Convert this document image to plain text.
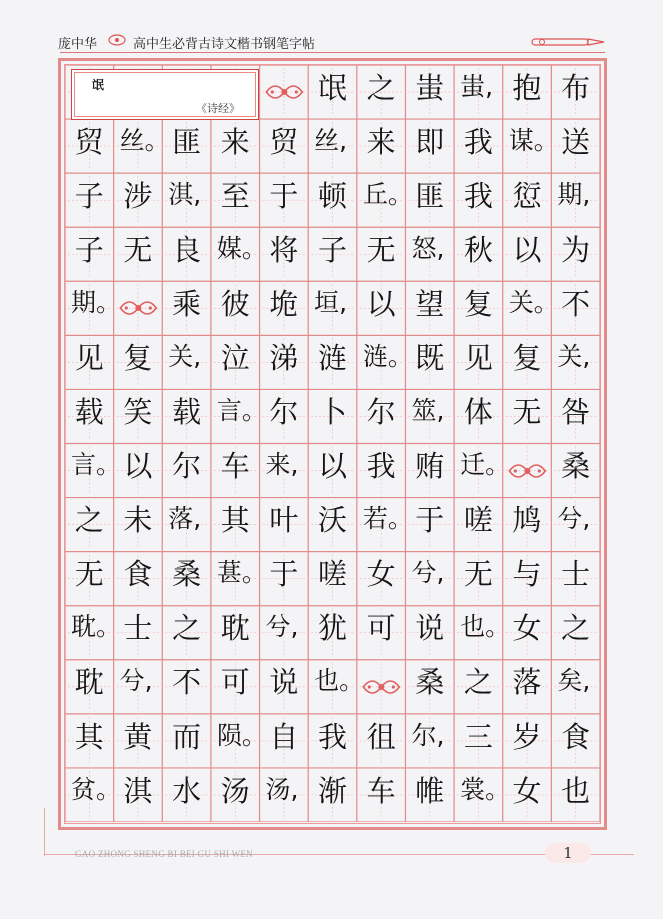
庞中华	高中生必背古诗文楷书钢笔字帖
氓 之 蚩 蚩, 抱 布
贸 丝。 匪 来 贸 丝, 来 即 我 谋。 送
子 涉 淇, 至 于 顿 丘。 匪 我 愆 期,
子 无 良 媒。 将 子 无 怒, 秋 以 为
期。	乘 彼 垝 垣, 以 望 复 关。 不
见 复 关, 泣 涕 涟 涟。 既 见 复 关,
载 笑 载 言。 尔 卜 尔 筮, 体 无 咎
言。 以 尔 车 来, 以 我 贿 迁。	桑
之 未 落, 其 叶 沃 若。 于 嗟 鸠 兮,
无 食 桑 葚。 于 嗟 女 兮, 无 与 士
耽。 士 之 耽 兮, 犹 可 说 也。 女 之
耽 兮, 不 可 说 也。	桑 之 落 矣,
其 黄 而 陨。 自 我 徂 尔, 三 岁 食
贫。 淇 水 汤 汤, 渐 车 帷 裳。 女 也
氓
《诗经》
GAO ZHONG SHENG BI BEI GU SHI WEN	1
